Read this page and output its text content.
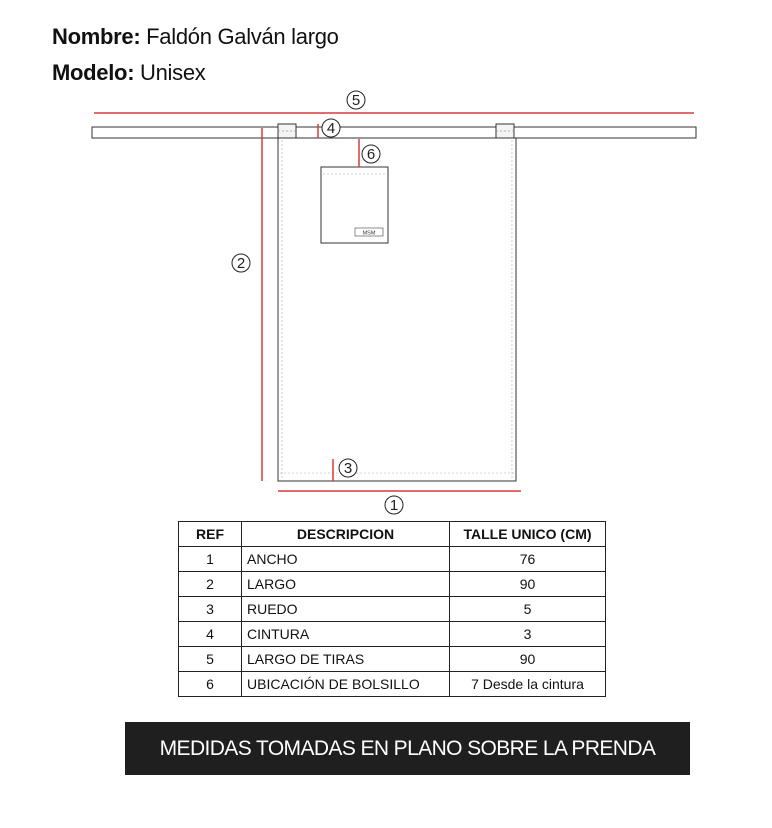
Nombre: Faldón Galván largo
Modelo: Unisex
MSM
1
2
3
4
5
6
REF	DESCRIPCION	TALLE UNICO (CM)
1	ANCHO	76
2	LARGO	90
3	RUEDO	5
4	CINTURA	3
5	LARGO DE TIRAS	90
6	UBICACIÓN DE BOLSILLO	7 Desde la cintura
MEDIDAS TOMADAS EN PLANO SOBRE LA PRENDA
